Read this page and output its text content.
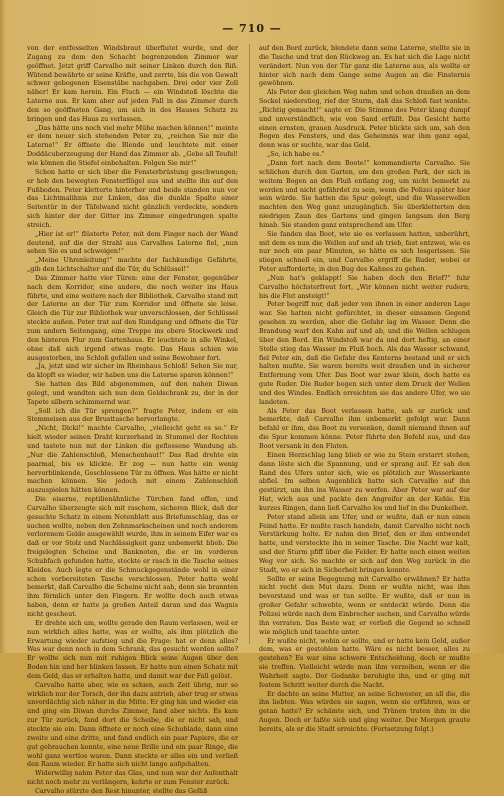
— 710 —

von der entfesselten Windsbraut überflutet wurde, und der Zugang zu dem den Schacht begrenzenden Zimmer war geöffnet. Jetzt griff Carvalho mit seiner Linken durch den Riß. Wütend bewährte er seine Kräfte, und zerrte, bis die von Gewalt schwer gebogenen Eisenstäbe nachgaben. Drei oder vier Zoll näher! Er kam herein. Ein Fluch — ein Windstoß löschte die Laterne aus. Er kam aber auf jeden Fall in das Zimmer durch den so geöffneten Gang, um sich in des Hauses Schutz zu bringen und das Haus zu verlassen.

„Das hätte uns noch viel mehr Mühe machen können!“ meinte er dem neuer sich stehenden Peter zu, „reichen Sie mir die Laterne!“ Er öffnete die Blende und leuchtete mit einer Doddäcuberzeugung der Hand das Zimmer ab. „Gebe all Teufel! wie können die Stiefel einbehalten. Folgen Sie mir!“

Schon hatte er sich über die Fensterbrüstung geschwungen; er hob den bewegten Fensterflügel aus und stellte ihn auf den Fußboden. Peter kletterte hinterher und beide standen nun vor das Lichtmalihnis zur Linken, das die dunkle Spalte einer Seitentür in der Täfelwand nicht gänzlich verdeckte, sondern sich hinter der der Gitter ins Zimmer eingedrungen spalte streich.

„Hier ist er!“ flüsterte Peter, mit dem Finger nach der Wand deutend, auf die der Strahl aus Carvalhos Laterne fiel, „nun sehen Sie es und schweigen!“

„Meine Uhrenleitung!“ machte der fachkundige Gefährte, „gib den Lichtschalter und die Tür, du Schlüssel!“

Das Zimmer hatte vier Türen: eine der Fenster, gegenüber nach dem Korridor, eine andere, die noch weiter ins Haus führte, und eine weitere nach der Bibliothek. Carvalho stand mit der Laterne an der Tür zum Korridor und öffnete sie leise. Gleich die Tür zur Bibliothek war unverschlossen, der Schlüssel steckte außen. Peter trat auf den Rundgang und öffnete die Tür zum andern Seitengang, eine Treppe ins obere Stockwerk und den hinteren Flur zum Gartenhaus. Er leuchtete in alle Winkel, ohne daß sich irgend etwas regte. Das Haus schien wie ausgestorben, ins Schloß gefallen und seine Bewohner fort.

„Ja, jetzt sind wir sicher im Rheinhaus Schloß! Sehen Sie nur, da klopft es wieder, wir haben uns die Laterne sparen können!“

Sie hatten das Bild abgenommen, auf den nahen Diwan gelegt, und wandten sich nun dem Geldschrank zu, der in der Tapete silbern schimmernd war.

„Soll ich die Tür sprengen?“ fragte Peter, indem er ein Stemmeisen aus der Brusttasche hervorlangte.

„Nicht, Dicki!“ machte Carvalho, „vielleicht geht es so.“ Er hielt wieder seinen Draht kurzerhand in Stummel der Rechten und tastete nun mit der Linken die geflossene Wandung ab. „Nur die Zahlenschloß, Menschenhaut!“ Das Rad drehte ein paarmal, bis es klickte. Er zog — nun hatte ein wenig hervorblinkende, Geschlossene Tür zu öffnen. Was hätte er nicht machen können. Sie jedoch mit einem Zahlenschloß auszuspielen hätten können.

Die eiserne, reptilienähnliche Türchen fand offen, und Carvalho überzeugte sich mit raschem, sicheren Blick, daß der gesuchte Schatz in einem Notenblatt aus Briefumschlag, das er suchen wollte, neben den Zehnmarkscheinen und noch anderem verlorenem Gelde ausgewählt wurde, ihm in seinem Eifer war es daß er vor Stolz und Nachlässigkeit ganz unbemerkt blieb. Die freigelegten Scheine und Banknoten, die er im vorderen Schubfach gefunden hatte, steckte er rasch in die Tasche seines Kleides. Auch legte er die Schmuckgegenstände wohl in einer schon vorbereiteten Tasche verschlossen. Peter hatte wohl bemerkt, daß Carvalho die Scheine nicht sah, denn sie brannten ihm förmlich unter den Fingern. Er wollte doch auch etwas haben, denn er hatte ja großen Anteil daran und das Wagnis nicht gescheut.

Er drehte sich um, wollte gerade den Raum verlassen, weil er nun wirklich alles hatte, was er wollte, als ihm plötzlich die Erwartung wieder aufstieg und die Frage: hat er denn alles? Was war denn noch in dem Schrank, das gesucht werden sollte? Er wollte sich nun mit ruhigen Blick seine Augen über den Boden hin und her blinken lassen. Er hatte nun einen Schatz mit dem Geld, das er erhalten hatte, und damit war der Fall gelöst.

Carvalho hatte aber, wie es schien, auch Zeit übrig, nur so wirklich nur der Torsch, der ihn dazu antrieb, aber trug er etwas unverdächtig sich näher in die Mitte. Er ging hin und wieder ein und ging ein Diwan durchs Zimmer, fand aber nichts. Es kam zur Tür zurück, fand dort die Scheibe, die er nicht sah, und steckte sie ein. Dann öffnete er noch eine Schublade, dann eine zweite und eine dritte, und fand endlich ein paar Papiere, die er gut gebrauchen konnte, eine neue Brille und ein paar Ringe, die wohl ganz wertlos waren. Dann steckte er alles ein und verließ den Raum wieder. Er hatte sich nicht lange aufgehalten.

Widerwillig nahm Peter das Glas, und nun war der Aufenthalt nicht noch mehr zu verlängern, kehrte er zum Fenster zurück.

Carvalho stürzte den Rest hinunter, stellte das Gefäß

auf den Bord zurück, blendete dann seine Laterne, stellte sie in die Tasche und trat den Rückweg an. Es hat sich die Lage nicht verändert. Nun von der Tür ganz die Laterne aus, als wollte er hinter sich nach dem Gange seine Augen an die Finsternis gewöhnen.

Als Peter den gleichen Weg nahm und schon draußen an dem Sockel niederstieg, rief der Sturm, daß das Schloß fast wankte. „Richtig gemacht!“ sagte er. Die Stimme des Peter klang dumpf und unverständlich, wie von Sand erfüllt. Das Gesicht hatte einen ernsten, grauen Ausdruck. Peter blickte sich um, sah den Bogen des Fensters, und das Geheimnis war ihm ganz egal, denn was er suchte, war das Geld.

„So, ich habe es.“

„Dann fort nach dem Boote!“ kommandierte Carvalho. Sie schlichen durch den Garten, um den großen Park, der sich in weitem Bogen an den Fluß entlang zog, um nicht bemerkt zu werden und nicht gefährdet zu sein, wenn die Polizei später hier sein würde. Sie hatten die Spur gelegt, und die Wasserwellen machten den Weg ganz unzugänglich. Sie überkletterten den niedrigen Zaun des Gartens und gingen langsam den Berg hinab. Sie standen ganz entsprechend am Ufer.

Sie fanden das Boot, wie sie es verlassen hatten, unberührt, mit dem es nun die Wellen auf und ab trieb, fast entzwei, wie es nur noch ein paar Minuten, so hätte es sich losgerissen. Sie stiegen schnell ein, und Carvalho ergriff die Ruder, wobei er Peter aufforderte, in den Bug des Kahnes zu gehen.

„Nun hat's geklappt! Sie haben doch den Brief?“ fuhr Carvalho höchsterfreut fort, „Wir können nicht weiter rudern, bis die Flut ansteigt!“

Peter begriff nur, daß jeder von ihnen in einer anderen Lage war. Sie hatten nicht gefürchtet, in dieser einsamen Gegend gesehen zu werden, aber die Gefahr lag im Wasser. Denn die Brandung warf den Kahn auf und ab, und die Wellen schlugen über den Bord. Ein Windstoß war da und dort heftig, an einer Stelle stieg das Wasser im Fluß hoch. Als das Wasser schwand, fiel Peter ein, daß die Gefahr des Kenterns bestand und er sich halten mußte. Sie waren bereits weit draußen und in sicherer Entfernung vom Ufer. Das Boot war zwar klein, doch hatte es gute Ruder. Die Ruder bogen sich unter dem Druck der Wellen und des Windes. Endlich erreichten sie das andere Ufer, wo sie landeten.

Als Peter das Boot verlassen hatte, sah er zurück und bemerkte, daß Carvalho ihm unbemerkt gefolgt war. Dann befahl er ihm, das Boot zu versenken, damit niemand ihnen auf die Spur kommen könne. Peter führte den Befehl aus, und das Boot versank in den Fluten.

Einen Herzschlag lang blieb er wie zu Stein erstarrt stehen, dann löste sich die Spannung, und er sprang auf. Er sah den Rand des Ufers unter sich, wie es plötzlich zur Wasserkante abfiel. Im selben Augenblick hatte sich Carvalho auf ihn gestürzt, um ihn ins Wasser zu werfen. Aber Peter war auf der Hut, wich aus und packte den Angreifer an der Kehle. Ein kurzes Ringen, dann ließ Carvalho los und lief in die Dunkelheit.

Peter stand allein am Ufer, und er wußte, daß er nun einen Feind hatte. Er mußte rasch handeln, damit Carvalho nicht noch Verstärkung holte. Er nahm den Brief, den er ihm entwendet hatte, und versteckte ihn in seiner Tasche. Die Nacht war kalt, und der Sturm pfiff über die Felder. Er hatte noch einen weiten Weg vor sich. So machte er sich auf den Weg zurück in die Stadt, wo er sich in Sicherheit bringen konnte.

Sollte er seine Begegnung mit Carvalho erwähnen? Er hatte nicht recht den Mut dazu. Denn er wußte nicht, was ihm bevorstand und was er tun sollte. Er wußte, daß er nun in großer Gefahr schwebte, wenn er entdeckt würde. Denn die Polizei würde nach dem Einbrecher suchen, und Carvalho würde ihn verraten. Das Beste war, er verließ die Gegend so schnell wie möglich und tauchte unter.

Er wußte nicht, wohin er sollte, und er hatte kein Geld, außer dem, was er gestohlen hatte. Wäre es nicht besser, alles zu gestehen? Es war eine schwere Entscheidung, doch er mußte sie treffen. Vielleicht würde man ihm verzeihen, wenn er die Wahrheit sagte. Der Gedanke beruhigte ihn, und er ging mit festem Schritt weiter durch die Nacht.

Er dachte an seine Mutter, an seine Schwester, an all die, die ihn liebten. Was würden sie sagen, wenn sie erführen, was er getan hatte? Er schämte sich, und Tränen traten ihm in die Augen. Doch er faßte sich und ging weiter. Der Morgen graute bereits, als er die Stadt erreichte. (Fortsetzung folgt.)
